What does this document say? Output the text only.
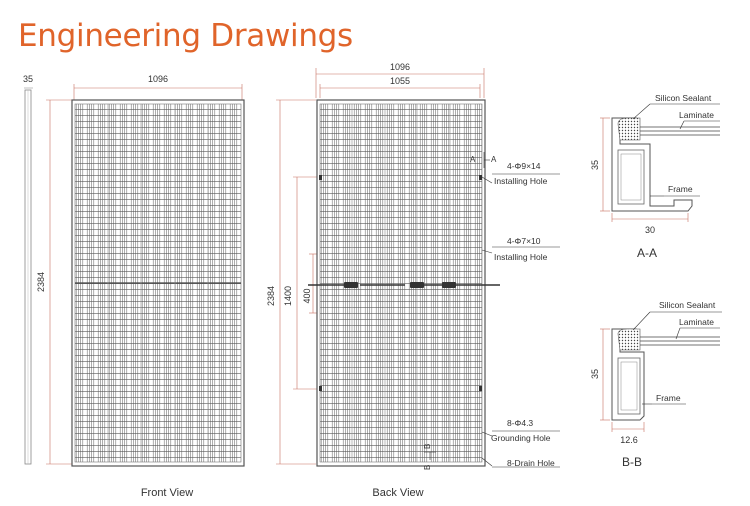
Engineering Drawings
35	1096
2384
Front View
1096
1055
2384 1400 400
A A
B
B
4-Φ9×14
Installing Hole
4-Φ7×10
Installing Hole
8-Φ4.3
Grounding Hole
8-Drain Hole
Back View
Silicon Sealant
Laminate
Frame
35
30
A-A
Silicon Sealant
Laminate
Frame
35
12.6
B-B
